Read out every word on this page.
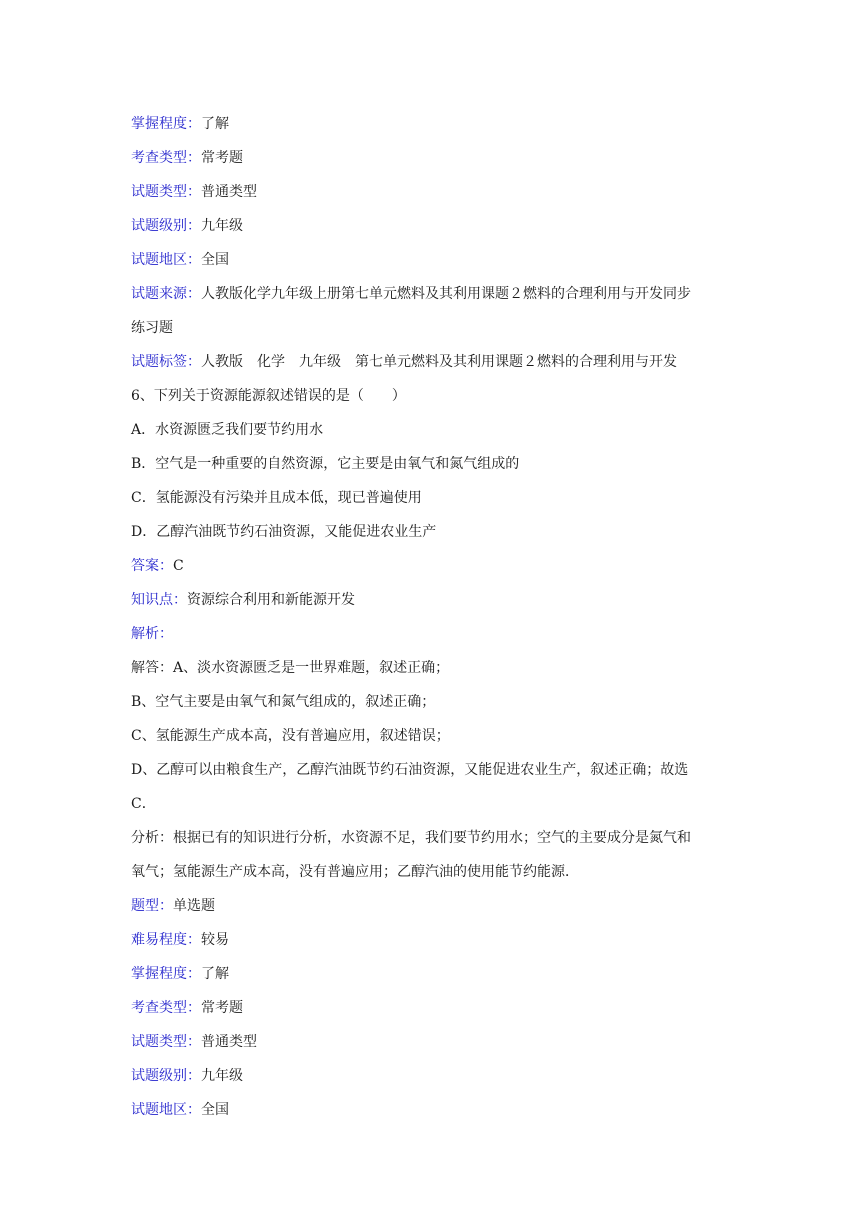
掌握程度：了解
考查类型：常考题
试题类型：普通类型
试题级别：九年级
试题地区：全国
试题来源：人教版化学九年级上册第七单元燃料及其利用课题２燃料的合理利用与开发同步
练习题
试题标签：人教版　化学　九年级　第七单元燃料及其利用课题２燃料的合理利用与开发
6、下列关于资源能源叙述错误的是（　　）
A．水资源匮乏我们要节约用水
B．空气是一种重要的自然资源，它主要是由氧气和氮气组成的
C．氢能源没有污染并且成本低，现已普遍使用
D．乙醇汽油既节约石油资源，又能促进农业生产
答案：C
知识点：资源综合利用和新能源开发
解析：
解答：A、淡水资源匮乏是一世界难题，叙述正确；
B、空气主要是由氧气和氮气组成的，叙述正确；
C、氢能源生产成本高，没有普遍应用，叙述错误；
D、乙醇可以由粮食生产，乙醇汽油既节约石油资源，又能促进农业生产，叙述正确；故选
C．
分析：根据已有的知识进行分析，水资源不足，我们要节约用水；空气的主要成分是氮气和
氧气；氢能源生产成本高，没有普遍应用；乙醇汽油的使用能节约能源．
题型：单选题
难易程度：较易
掌握程度：了解
考查类型：常考题
试题类型：普通类型
试题级别：九年级
试题地区：全国
